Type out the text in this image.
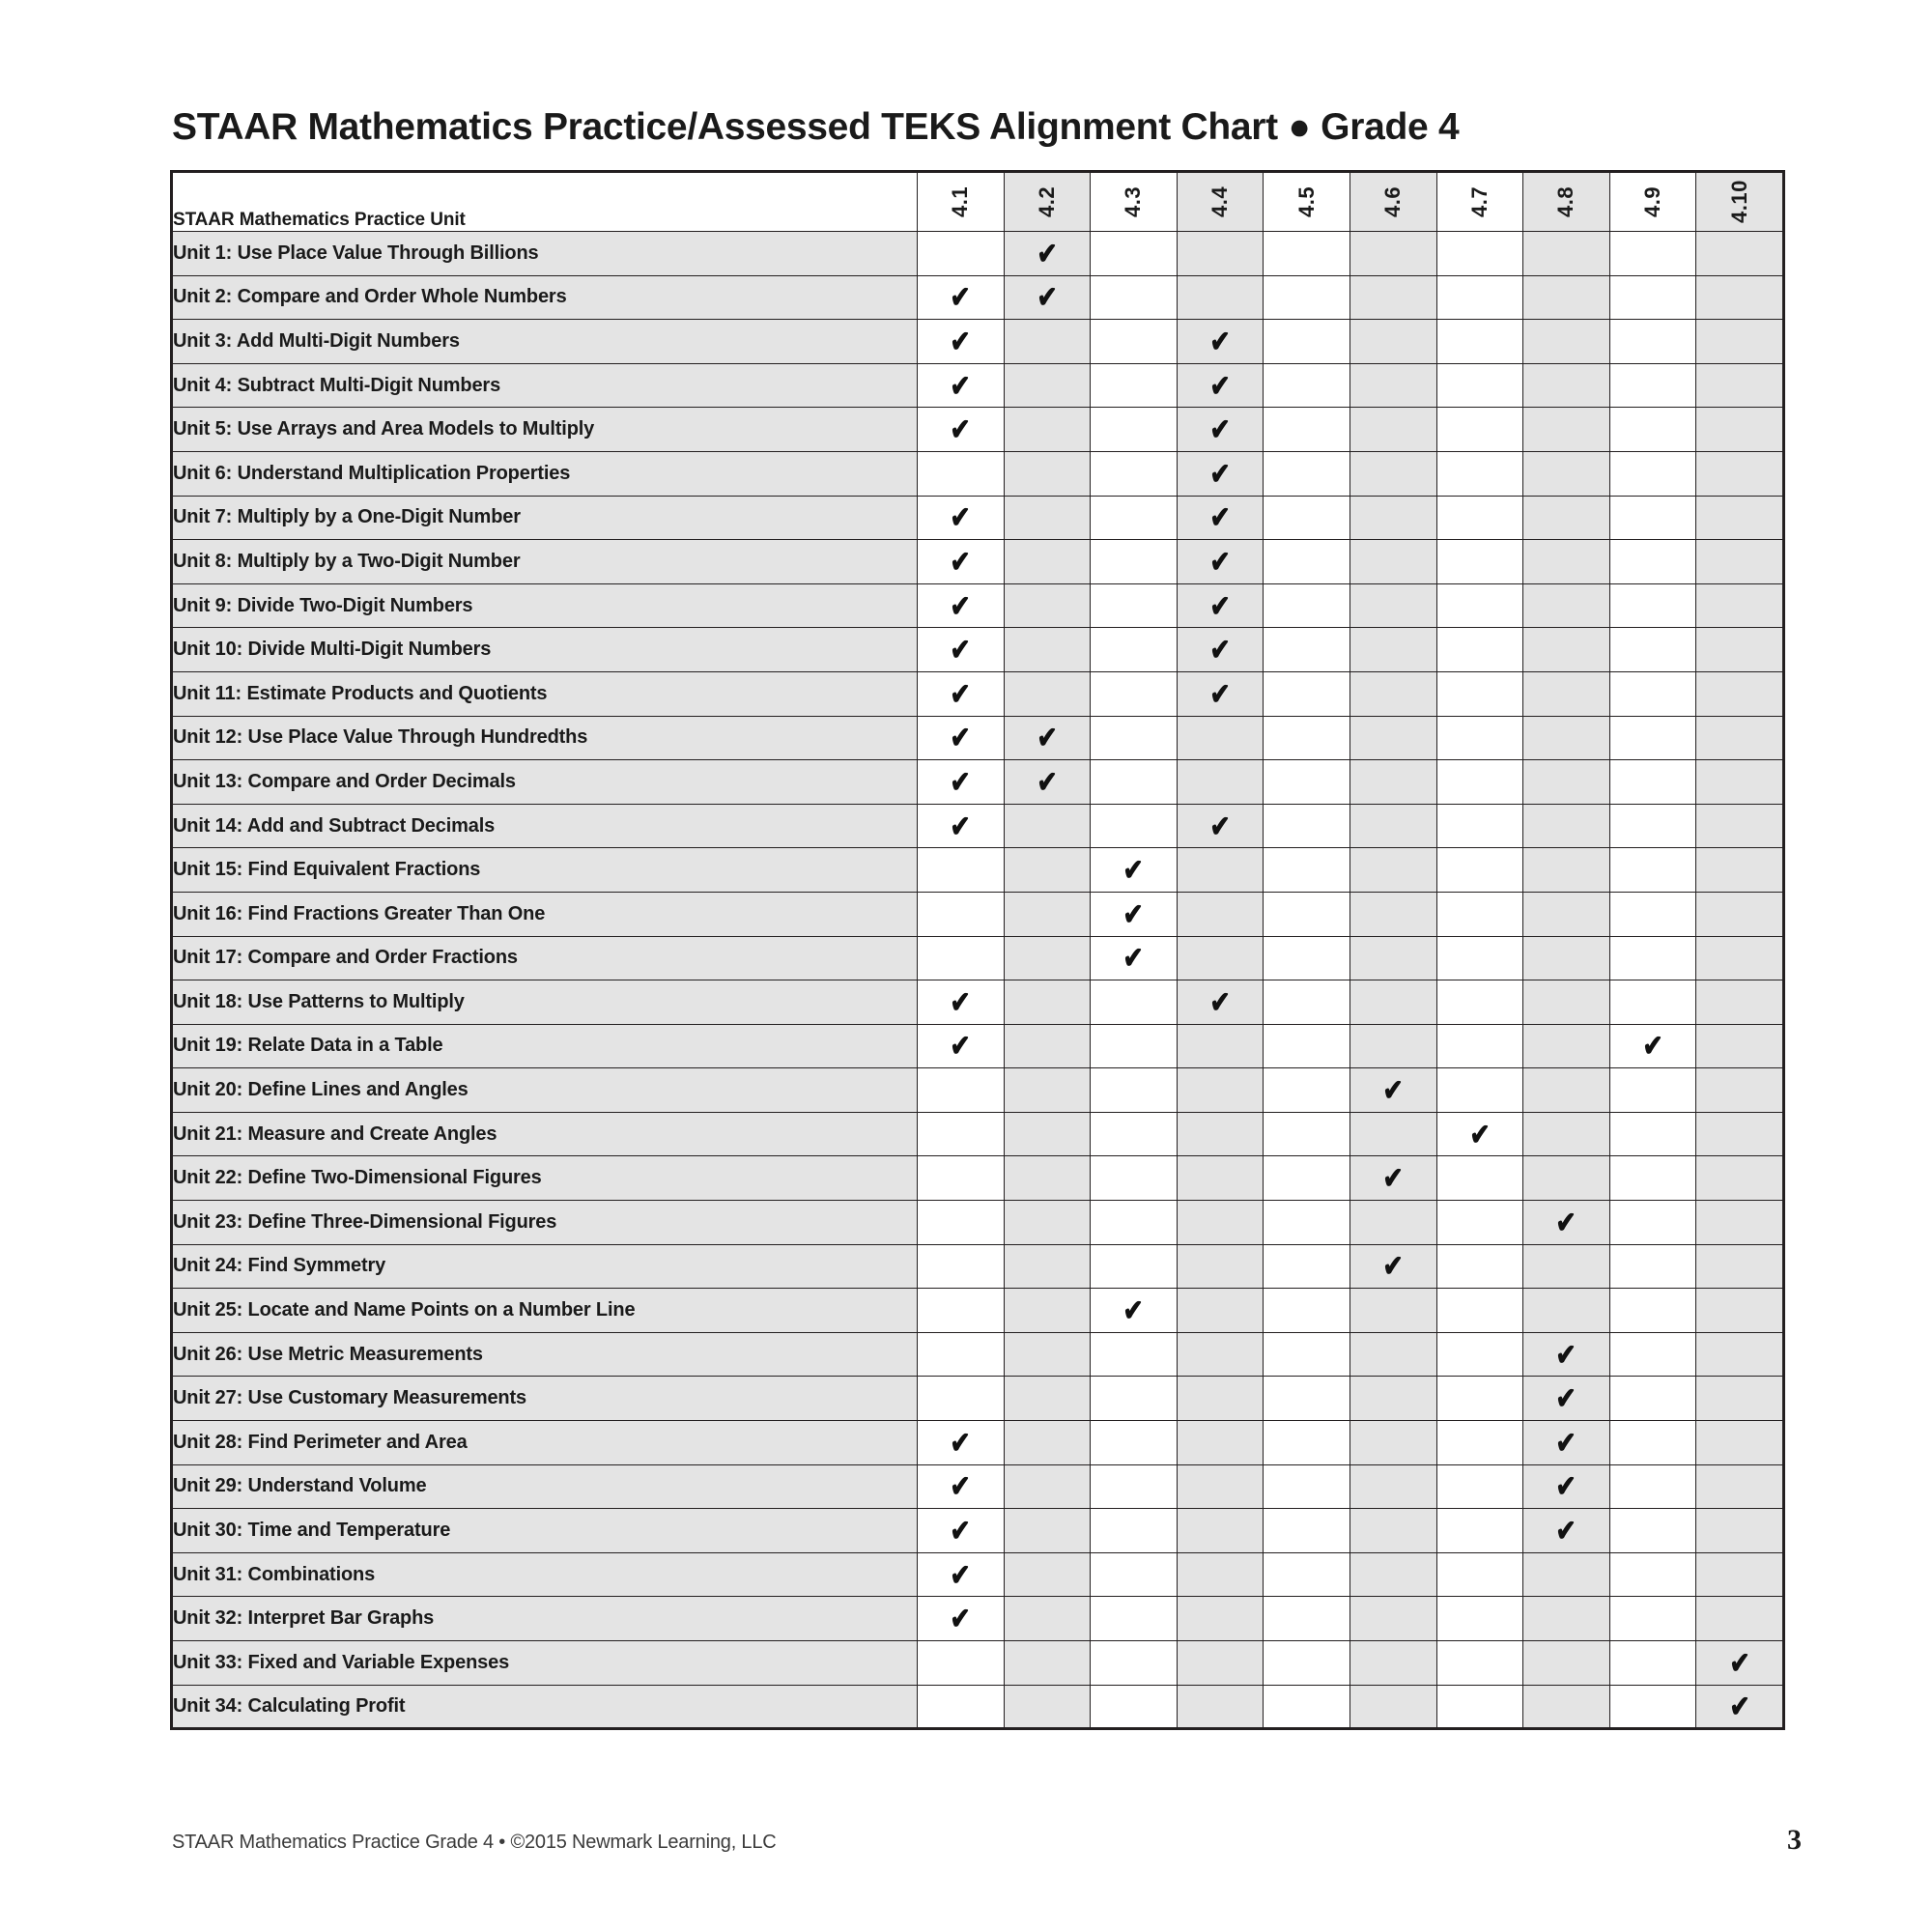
STAAR Mathematics Practice/Assessed TEKS Alignment Chart ● Grade 4
STAAR Mathematics Practice Unit	4.1	4.2	4.3	4.4	4.5	4.6	4.7	4.8	4.9	4.10

Unit 1: Use Place Value Through Billions		✔								
Unit 2: Compare and Order Whole Numbers	✔	✔								
Unit 3: Add Multi-Digit Numbers	✔			✔						
Unit 4: Subtract Multi-Digit Numbers	✔			✔						
Unit 5: Use Arrays and Area Models to Multiply	✔			✔						
Unit 6: Understand Multiplication Properties				✔						
Unit 7: Multiply by a One-Digit Number	✔			✔						
Unit 8: Multiply by a Two-Digit Number	✔			✔						
Unit 9: Divide Two-Digit Numbers	✔			✔						
Unit 10: Divide Multi-Digit Numbers	✔			✔						
Unit 11: Estimate Products and Quotients	✔			✔						
Unit 12: Use Place Value Through Hundredths	✔	✔								
Unit 13: Compare and Order Decimals	✔	✔								
Unit 14: Add and Subtract Decimals	✔			✔						
Unit 15: Find Equivalent Fractions			✔							
Unit 16: Find Fractions Greater Than One			✔							
Unit 17: Compare and Order Fractions			✔							
Unit 18: Use Patterns to Multiply	✔			✔						
Unit 19: Relate Data in a Table	✔								✔	
Unit 20: Define Lines and Angles						✔				
Unit 21: Measure and Create Angles							✔			
Unit 22: Define Two-Dimensional Figures						✔				
Unit 23: Define Three-Dimensional Figures								✔		
Unit 24: Find Symmetry						✔				
Unit 25: Locate and Name Points on a Number Line			✔							
Unit 26: Use Metric Measurements								✔		
Unit 27: Use Customary Measurements								✔		
Unit 28: Find Perimeter and Area	✔							✔		
Unit 29: Understand Volume	✔							✔		
Unit 30: Time and Temperature	✔							✔		
Unit 31: Combinations	✔									
Unit 32: Interpret Bar Graphs	✔									
Unit 33: Fixed and Variable Expenses										✔
Unit 34: Calculating Profit										✔
STAAR Mathematics Practice Grade 4 • ©2015 Newmark Learning, LLC	3
